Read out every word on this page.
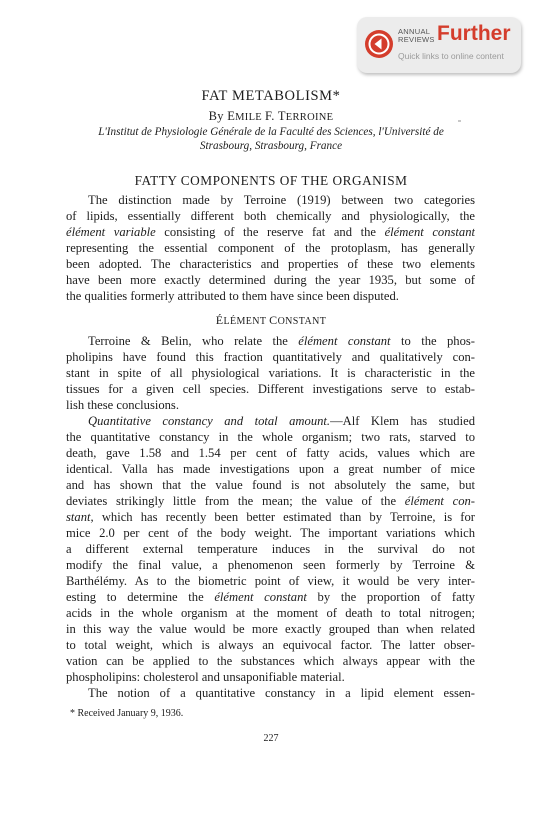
ANNUAL REVIEWS Further
Quick links to online content
FAT METABOLISM*
By EMILE F. TERROINE
L'Institut de Physiologie Générale de la Faculté des Sciences, l'Université de
Strasbourg, Strasbourg, France
FATTY COMPONENTS OF THE ORGANISM
The distinction made by Terroine (1919) between two categories
of lipids, essentially different both chemically and physiologically, the
élément variable consisting of the reserve fat and the élément constant
representing the essential component of the protoplasm, has generally
been adopted. The characteristics and properties of these two elements
have been more exactly determined during the year 1935, but some of
the qualities formerly attributed to them have since been disputed.
ÉLÉMENT CONSTANT
Terroine & Belin, who relate the élément constant to the phos-
pholipins have found this fraction quantitatively and qualitatively con-
stant in spite of all physiological variations. It is characteristic in the
tissues for a given cell species. Different investigations serve to estab-
lish these conclusions.
Quantitative constancy and total amount.—Alf Klem has studied
the quantitative constancy in the whole organism; two rats, starved to
death, gave 1.58 and 1.54 per cent of fatty acids, values which are
identical. Valla has made investigations upon a great number of mice
and has shown that the value found is not absolutely the same, but
deviates strikingly little from the mean; the value of the élément con-
stant, which has recently been better estimated than by Terroine, is for
mice 2.0 per cent of the body weight. The important variations which
a different external temperature induces in the survival do not
modify the final value, a phenomenon seen formerly by Terroine &
Barthélémy. As to the biometric point of view, it would be very inter-
esting to determine the élément constant by the proportion of fatty
acids in the whole organism at the moment of death to total nitrogen;
in this way the value would be more exactly grouped than when related
to total weight, which is always an equivocal factor. The latter obser-
vation can be applied to the substances which always appear with the
phospholipins: cholesterol and unsaponifiable material.
The notion of a quantitative constancy in a lipid element essen-
* Received January 9, 1936.
227
